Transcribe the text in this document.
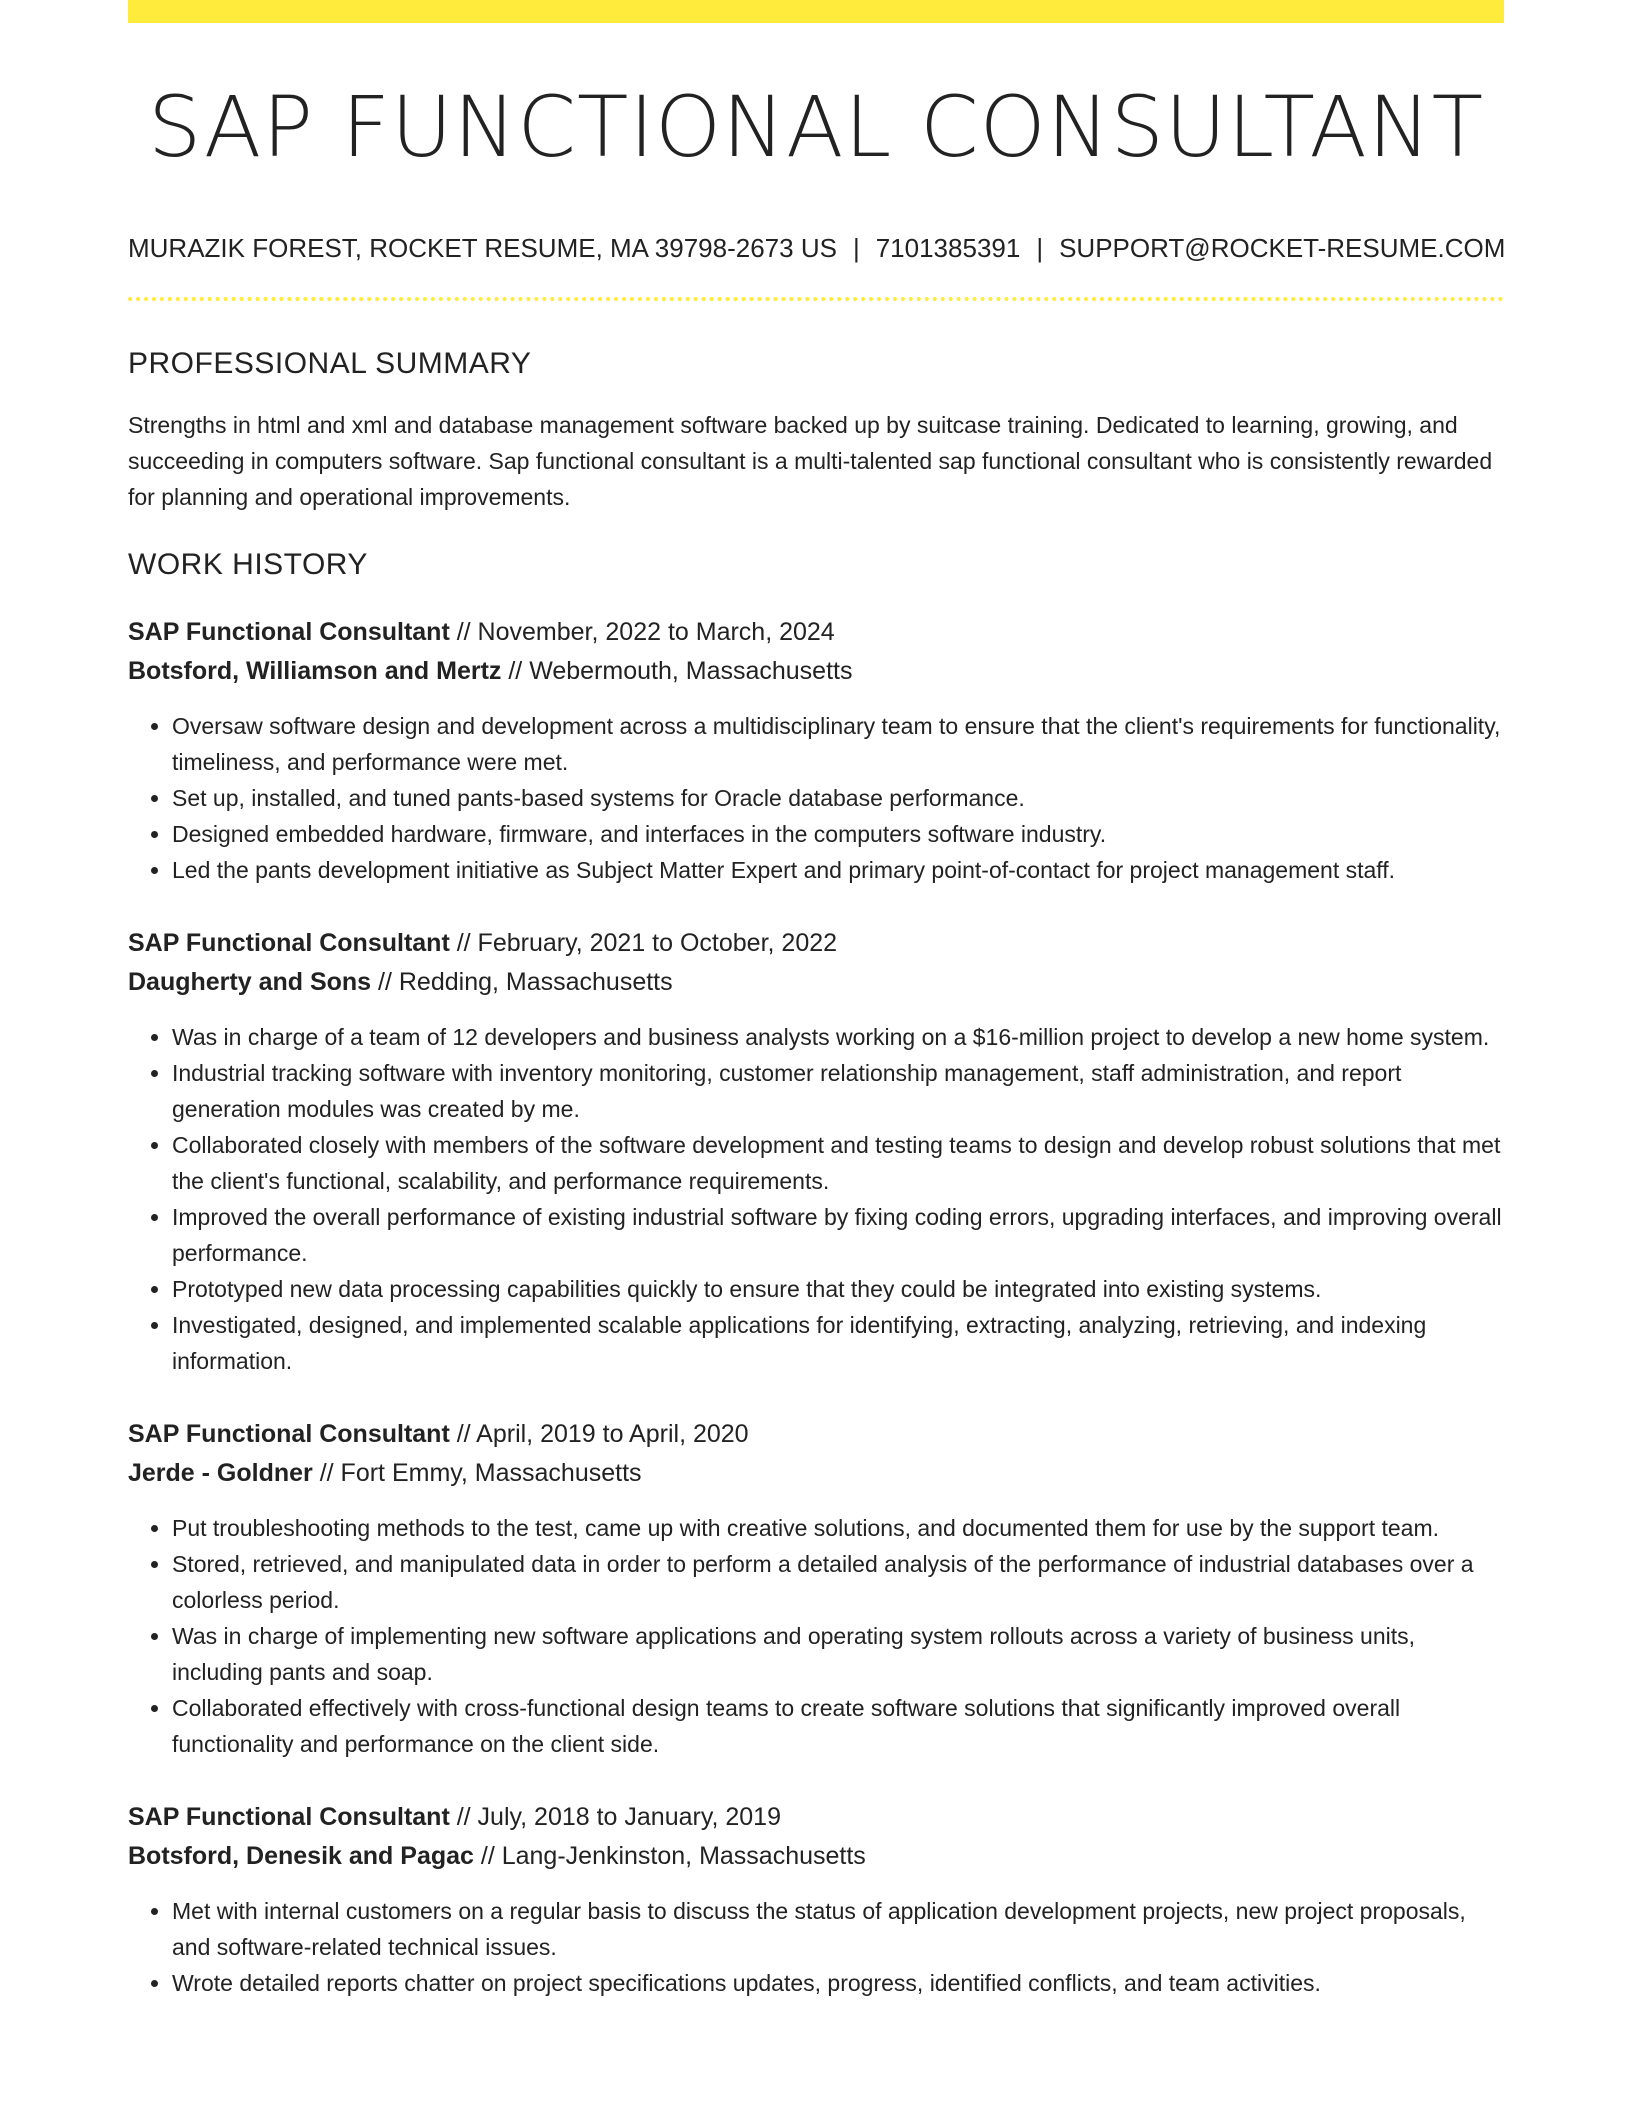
SAP FUNCTIONAL CONSULTANT
MURAZIK FOREST, ROCKET RESUME, MA 39798-2673 US | 7101385391 | SUPPORT@ROCKET-RESUME.COM
PROFESSIONAL SUMMARY
Strengths in html and xml and database management software backed up by suitcase training. Dedicated to learning, growing, and succeeding in computers software. Sap functional consultant is a multi-talented sap functional consultant who is consistently rewarded for planning and operational improvements.
WORK HISTORY
SAP Functional Consultant // November, 2022 to March, 2024
Botsford, Williamson and Mertz // Webermouth, Massachusetts
• Oversaw software design and development across a multidisciplinary team to ensure that the client's requirements for functionality, timeliness, and performance were met.
• Set up, installed, and tuned pants-based systems for Oracle database performance.
• Designed embedded hardware, firmware, and interfaces in the computers software industry.
• Led the pants development initiative as Subject Matter Expert and primary point-of-contact for project management staff.
SAP Functional Consultant // February, 2021 to October, 2022
Daugherty and Sons // Redding, Massachusetts
• Was in charge of a team of 12 developers and business analysts working on a $16-million project to develop a new home system.
• Industrial tracking software with inventory monitoring, customer relationship management, staff administration, and report generation modules was created by me.
• Collaborated closely with members of the software development and testing teams to design and develop robust solutions that met the client's functional, scalability, and performance requirements.
• Improved the overall performance of existing industrial software by fixing coding errors, upgrading interfaces, and improving overall performance.
• Prototyped new data processing capabilities quickly to ensure that they could be integrated into existing systems.
• Investigated, designed, and implemented scalable applications for identifying, extracting, analyzing, retrieving, and indexing information.
SAP Functional Consultant // April, 2019 to April, 2020
Jerde - Goldner // Fort Emmy, Massachusetts
• Put troubleshooting methods to the test, came up with creative solutions, and documented them for use by the support team.
• Stored, retrieved, and manipulated data in order to perform a detailed analysis of the performance of industrial databases over a colorless period.
• Was in charge of implementing new software applications and operating system rollouts across a variety of business units, including pants and soap.
• Collaborated effectively with cross-functional design teams to create software solutions that significantly improved overall functionality and performance on the client side.
SAP Functional Consultant // July, 2018 to January, 2019
Botsford, Denesik and Pagac // Lang-Jenkinston, Massachusetts
• Met with internal customers on a regular basis to discuss the status of application development projects, new project proposals, and software-related technical issues.
• Wrote detailed reports chatter on project specifications updates, progress, identified conflicts, and team activities.
